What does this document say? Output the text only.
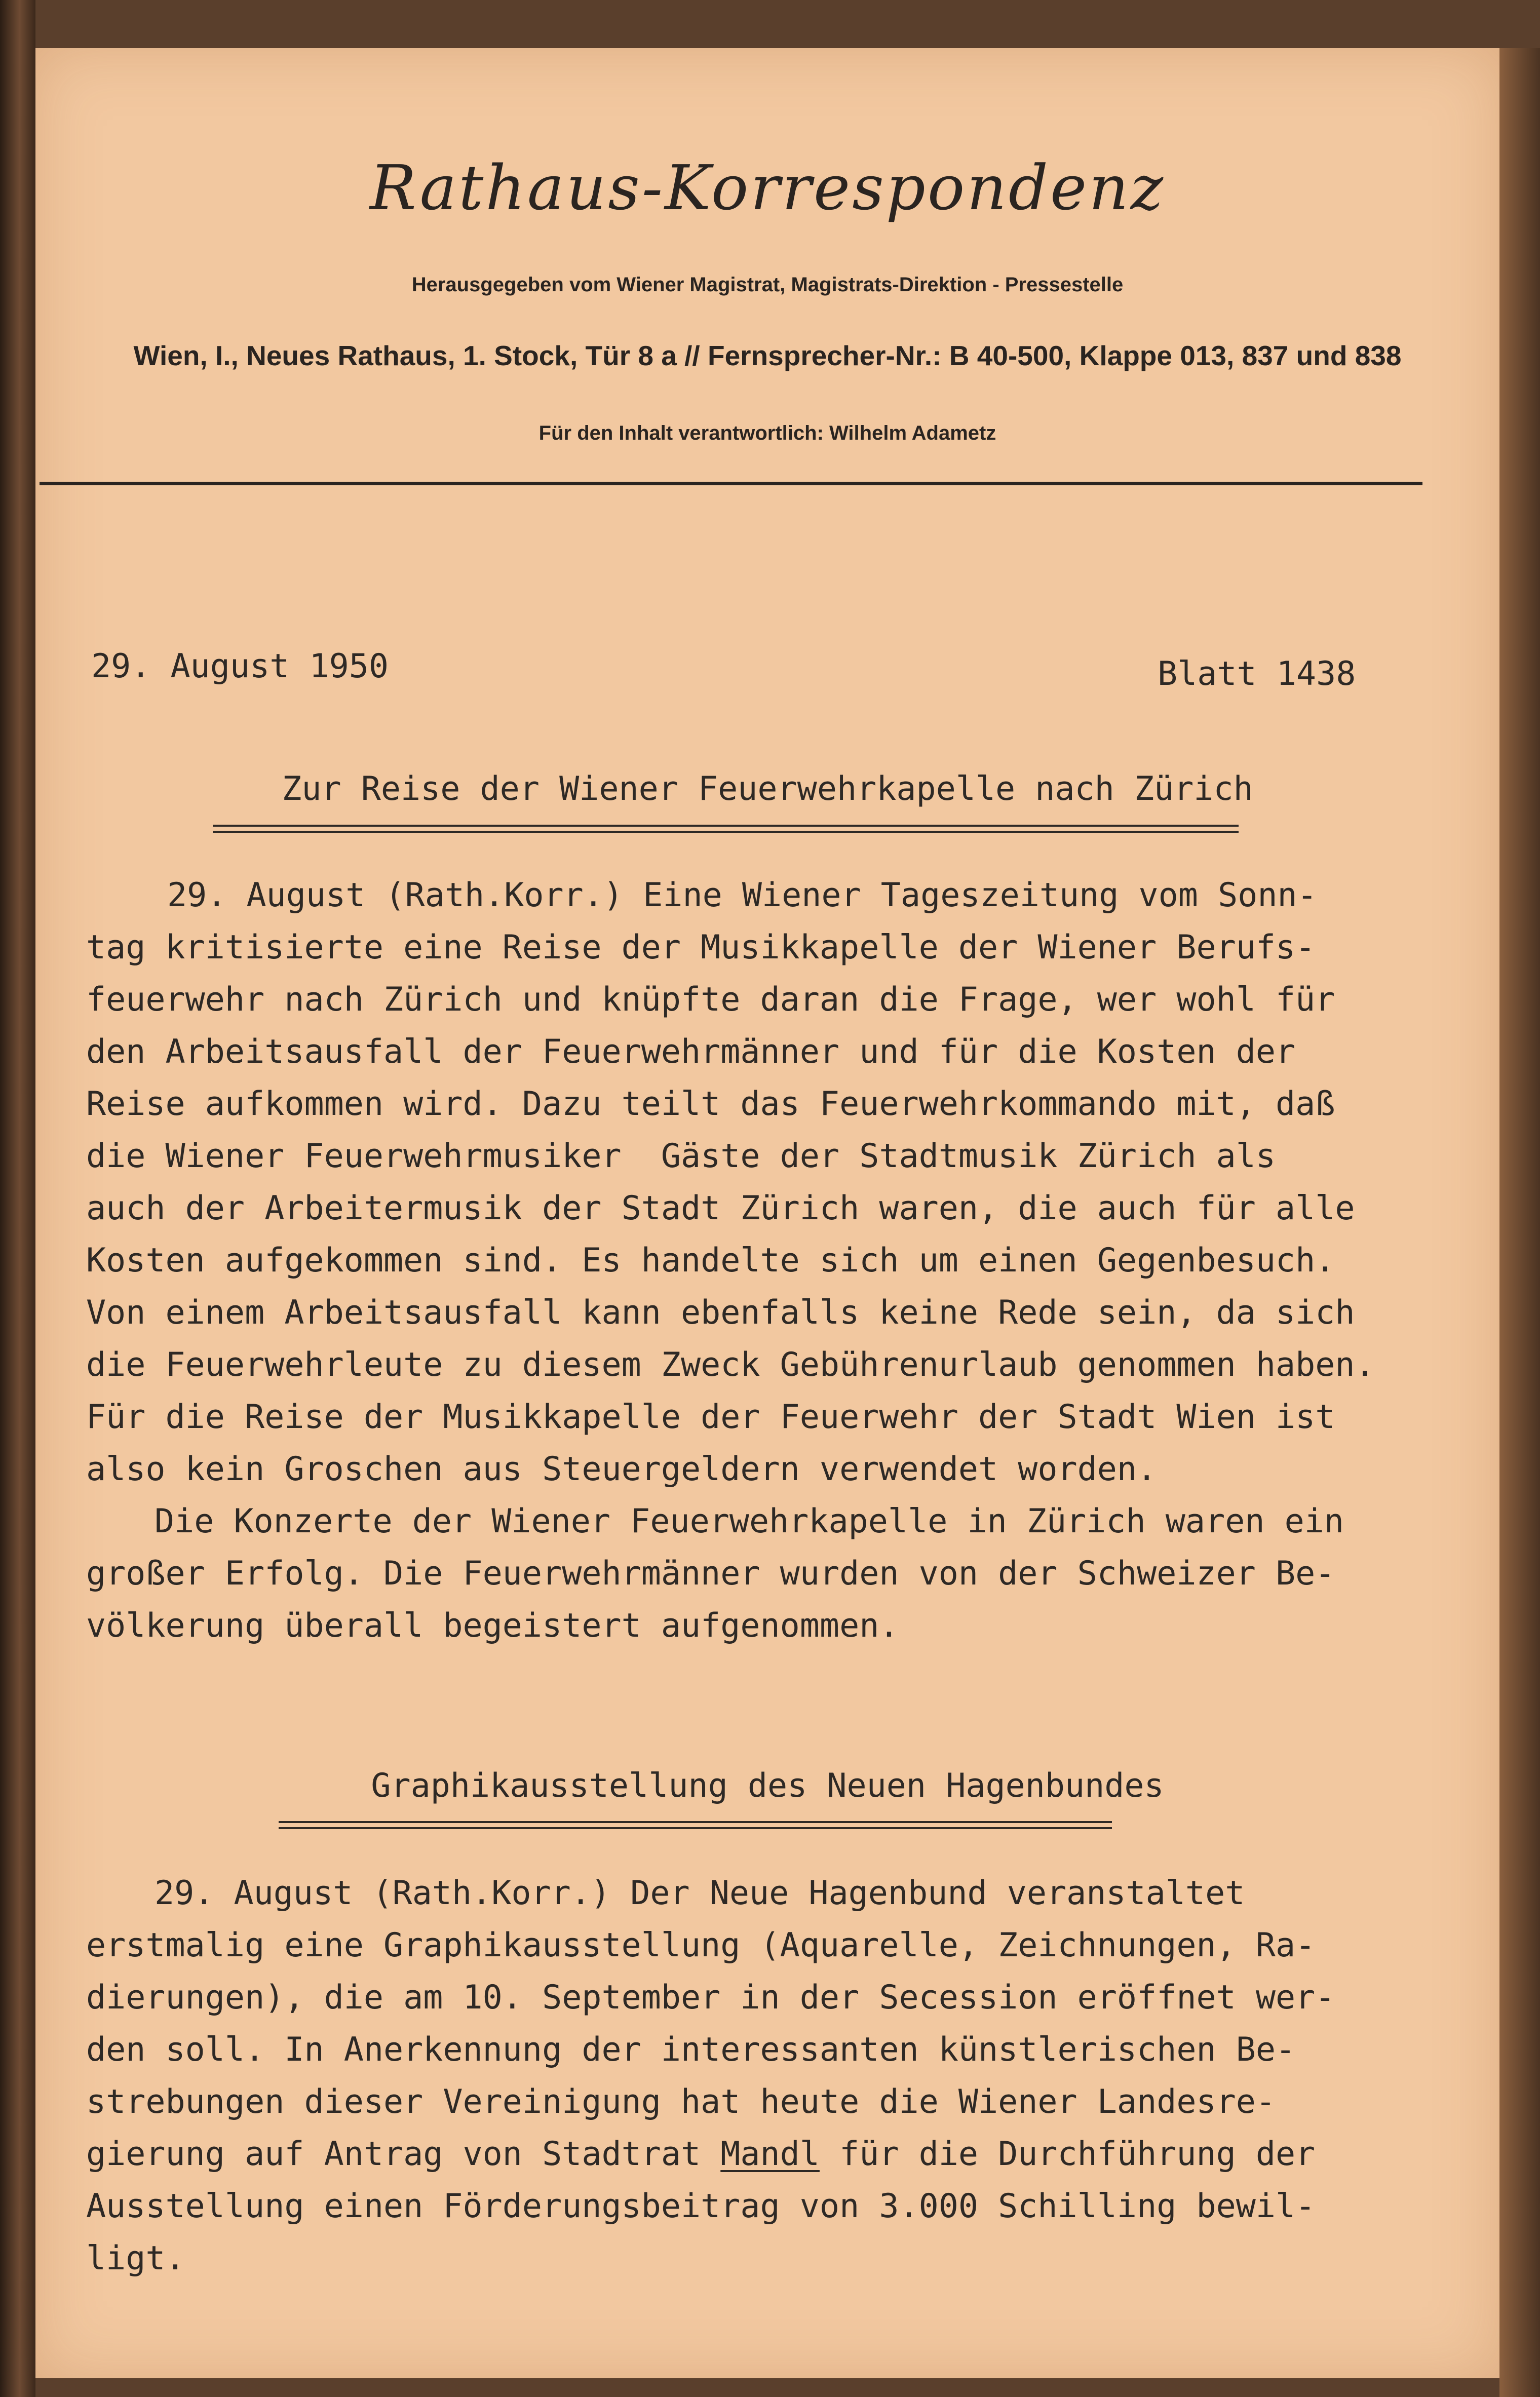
Rathaus-Korrespondenz
Herausgegeben vom Wiener Magistrat, Magistrats-Direktion - Pressestelle
Wien, I., Neues Rathaus, 1. Stock, Tür 8 a // Fernsprecher-Nr.: B 40-500, Klappe 013, 837 und 838
Für den Inhalt verantwortlich: Wilhelm Adametz
29. August 1950	Blatt 1438
Zur Reise der Wiener Feuerwehrkapelle nach Zürich
29. August (Rath.Korr.) Eine Wiener Tageszeitung vom Sonn-
tag kritisierte eine Reise der Musikkapelle der Wiener Berufs-
feuerwehr nach Zürich und knüpfte daran die Frage, wer wohl für
den Arbeitsausfall der Feuerwehrmänner und für die Kosten der
Reise aufkommen wird. Dazu teilt das Feuerwehrkommando mit, daß
die Wiener Feuerwehrmusiker  Gäste der Stadtmusik Zürich als
auch der Arbeitermusik der Stadt Zürich waren, die auch für alle
Kosten aufgekommen sind. Es handelte sich um einen Gegenbesuch.
Von einem Arbeitsausfall kann ebenfalls keine Rede sein, da sich
die Feuerwehrleute zu diesem Zweck Gebührenurlaub genommen haben.
Für die Reise der Musikkapelle der Feuerwehr der Stadt Wien ist
also kein Groschen aus Steuergeldern verwendet worden.
Die Konzerte der Wiener Feuerwehrkapelle in Zürich waren ein
großer Erfolg. Die Feuerwehrmänner wurden von der Schweizer Be-
völkerung überall begeistert aufgenommen.
Graphikausstellung des Neuen Hagenbundes
29. August (Rath.Korr.) Der Neue Hagenbund veranstaltet
erstmalig eine Graphikausstellung (Aquarelle, Zeichnungen, Ra-
dierungen), die am 10. September in der Secession eröffnet wer-
den soll. In Anerkennung der interessanten künstlerischen Be-
strebungen dieser Vereinigung hat heute die Wiener Landesre-
gierung auf Antrag von Stadtrat Mandl für die Durchführung der
Ausstellung einen Förderungsbeitrag von 3.000 Schilling bewil-
ligt.
